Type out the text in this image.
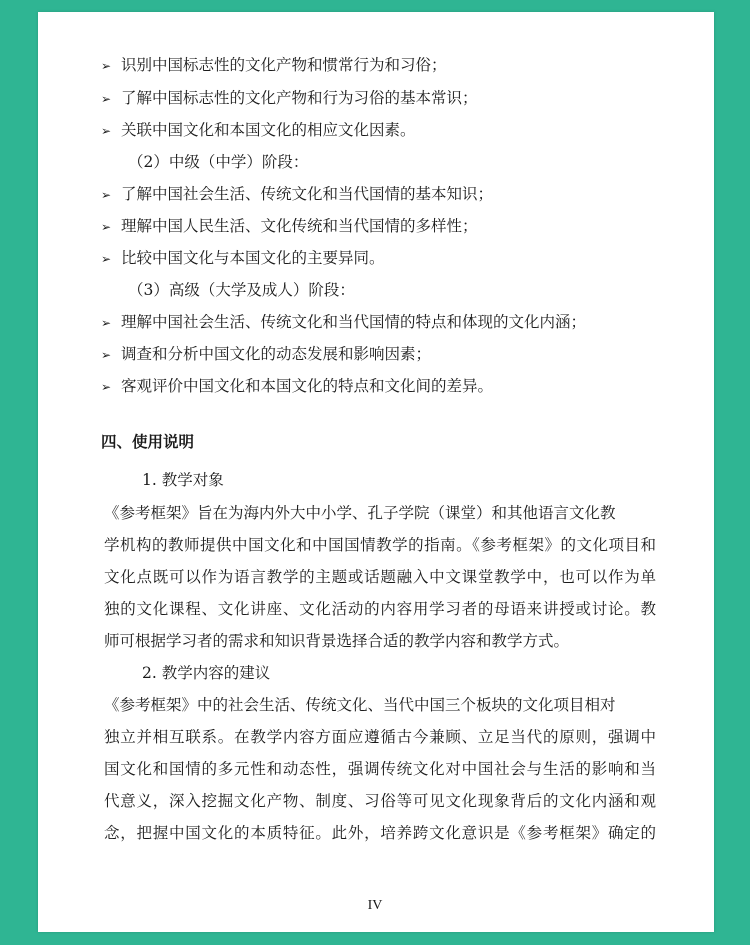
➢ 识别中国标志性的文化产物和惯常行为和习俗；
➢ 了解中国标志性的文化产物和行为习俗的基本常识；
➢ 关联中国文化和本国文化的相应文化因素。
（2）中级（中学）阶段：
➢ 了解中国社会生活、传统文化和当代国情的基本知识；
➢ 理解中国人民生活、文化传统和当代国情的多样性；
➢ 比较中国文化与本国文化的主要异同。
（3）高级（大学及成人）阶段：
➢ 理解中国社会生活、传统文化和当代国情的特点和体现的文化内涵；
➢ 调查和分析中国文化的动态发展和影响因素；
➢ 客观评价中国文化和本国文化的特点和文化间的差异。
四、使用说明
1. 教学对象
《参考框架》旨在为海内外大中小学、孔子学院（课堂）和其他语言文化教
学机构的教师提供中国文化和中国国情教学的指南。《参考框架》的文化项目和
文化点既可以作为语言教学的主题或话题融入中文课堂教学中，也可以作为单
独的文化课程、文化讲座、文化活动的内容用学习者的母语来讲授或讨论。教
师可根据学习者的需求和知识背景选择合适的教学内容和教学方式。
2. 教学内容的建议
《参考框架》中的社会生活、传统文化、当代中国三个板块的文化项目相对
独立并相互联系。在教学内容方面应遵循古今兼顾、立足当代的原则，强调中
国文化和国情的多元性和动态性，强调传统文化对中国社会与生活的影响和当
代意义，深入挖掘文化产物、制度、习俗等可见文化现象背后的文化内涵和观
念，把握中国文化的本质特征。此外，培养跨文化意识是《参考框架》确定的
IV
